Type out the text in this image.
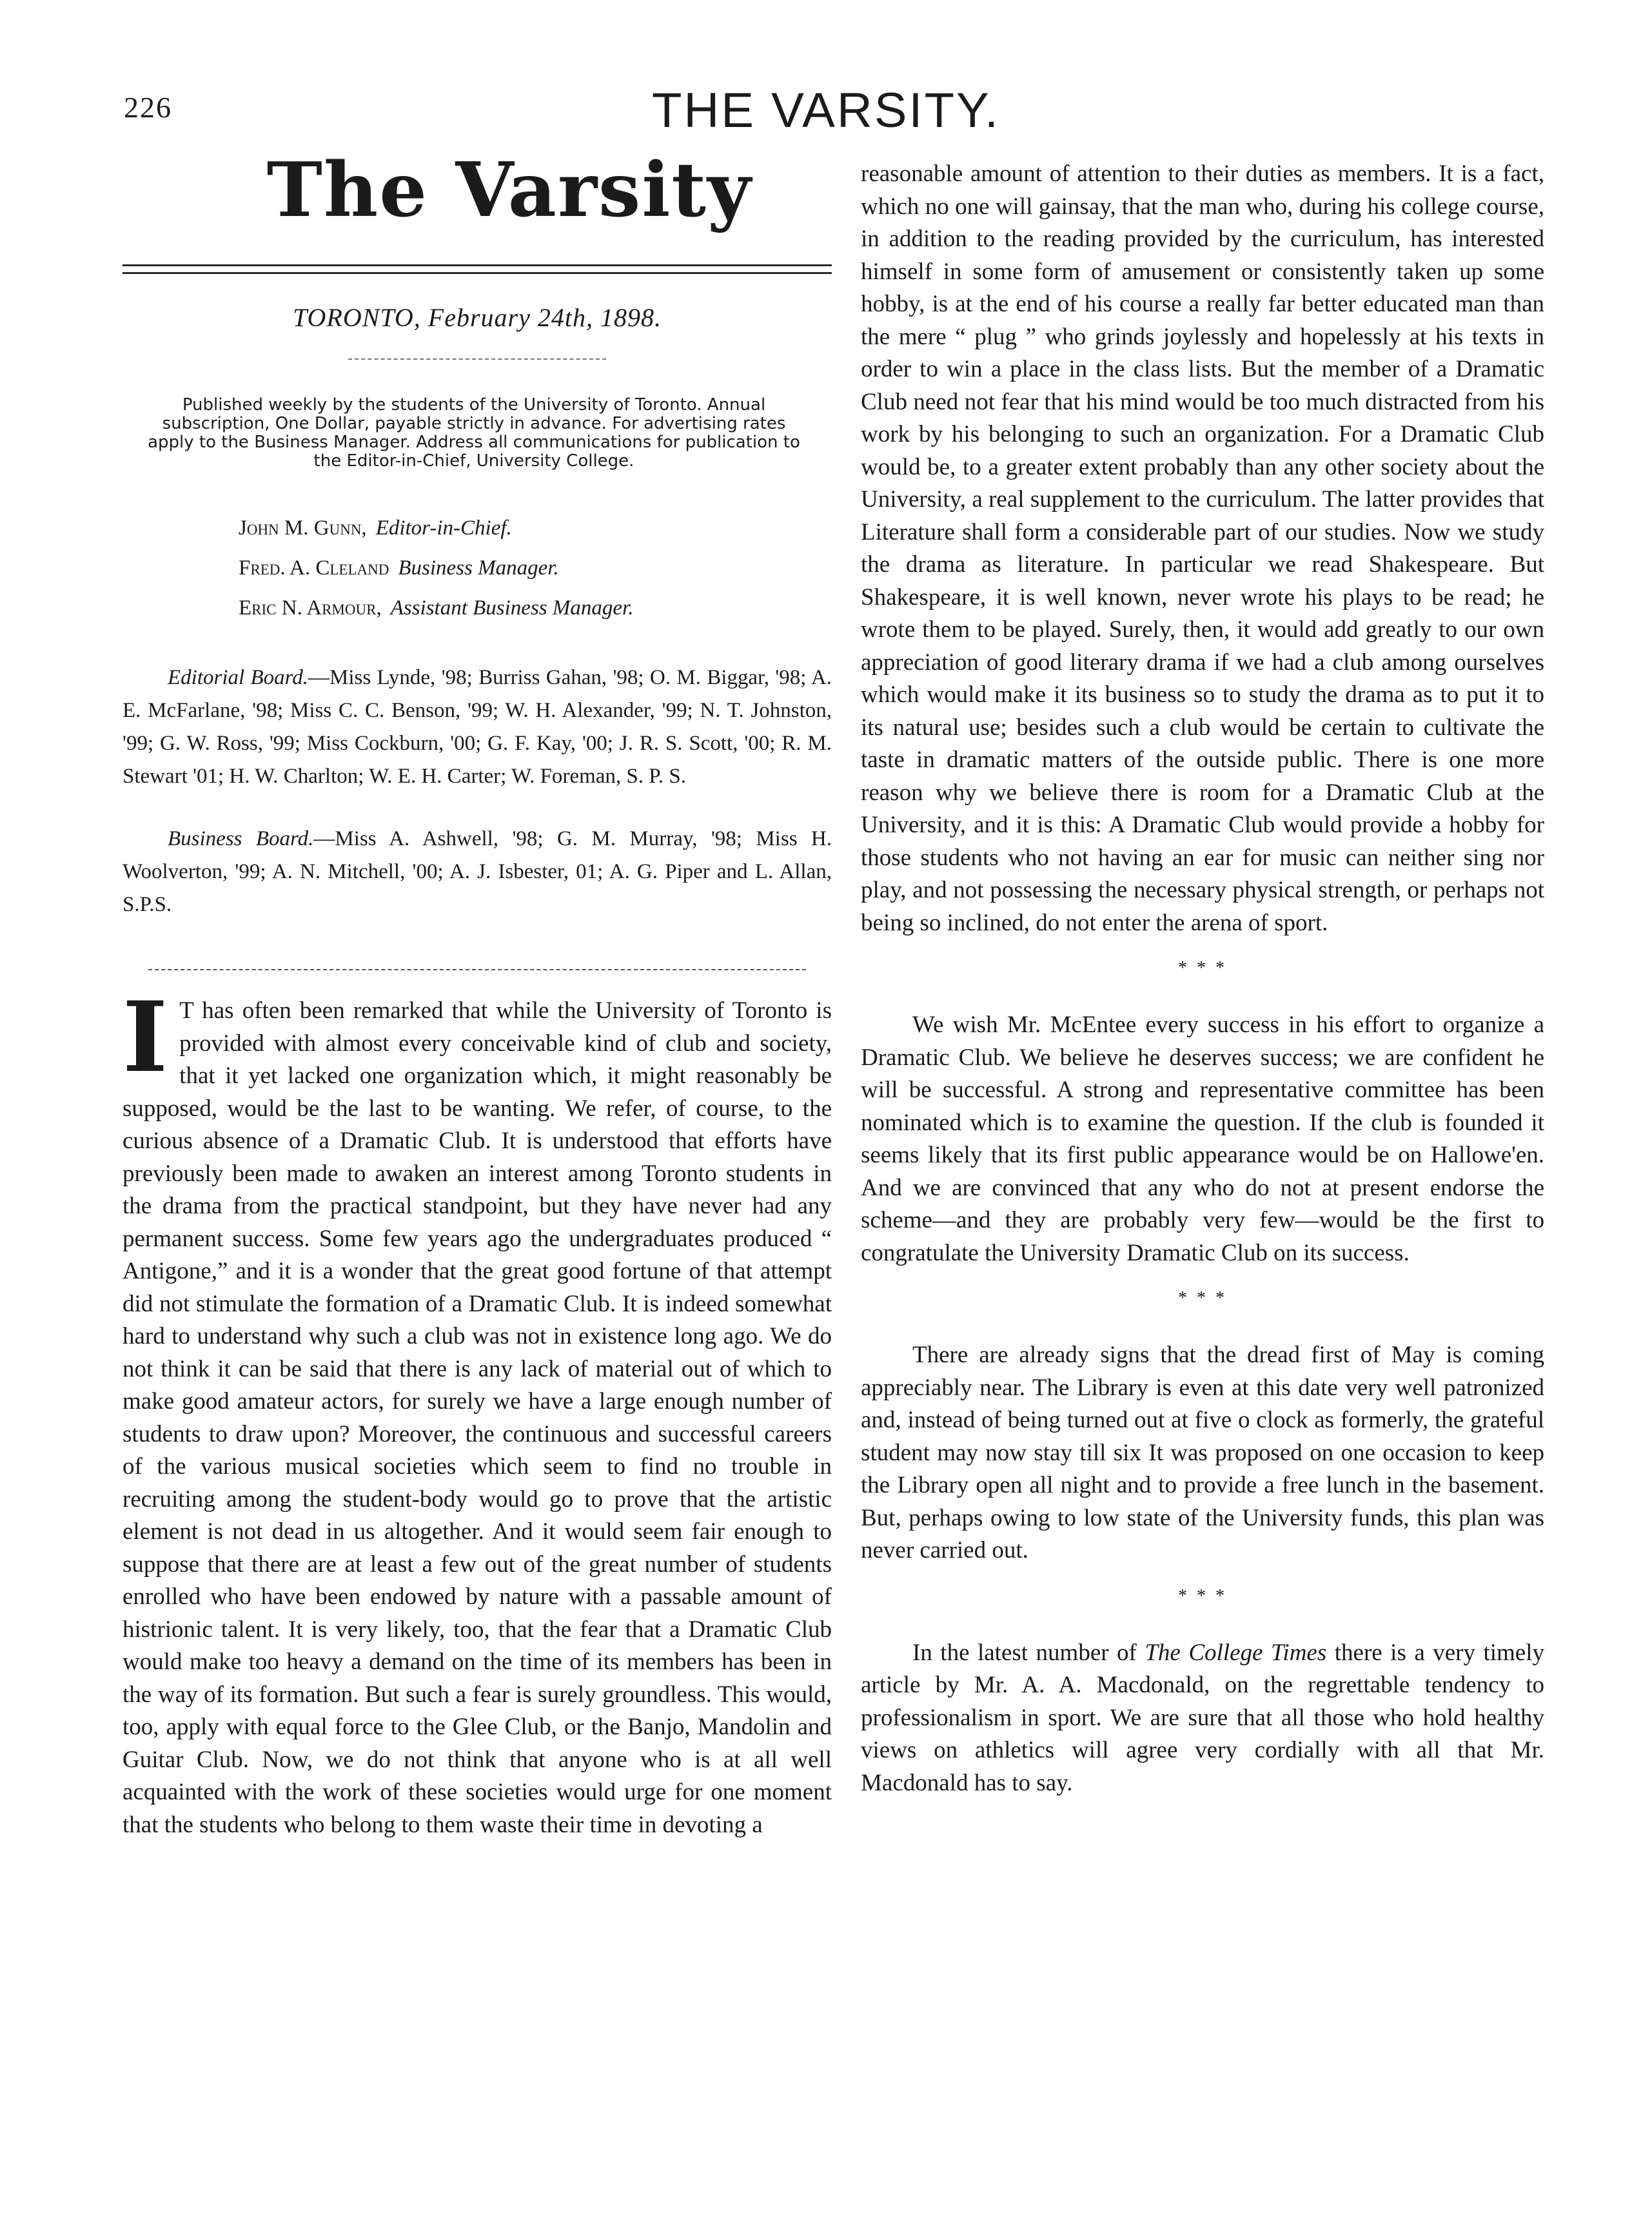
226	THE VARSITY.
The Varsity
TORONTO, February 24th, 1898.
Published weekly by the students of the University of Toronto. Annual subscription, One Dollar, payable strictly in advance. For advertising rates apply to the Business Manager. Address all communications for publication to the Editor-in-Chief, University College.
John M. Gunn, Editor-in-Chief.
Fred. A. Cleland Business Manager.
Eric N. Armour, Assistant Business Manager.
Editorial Board.—Miss Lynde, '98; Burriss Gahan, '98; O. M. Biggar, '98; A. E. McFarlane, '98; Miss C. C. Benson, '99; W. H. Alexander, '99; N. T. Johnston, '99; G. W. Ross, '99; Miss Cockburn, '00; G. F. Kay, '00; J. R. S. Scott, '00; R. M. Stewart '01; H. W. Charlton; W. E. H. Carter; W. Foreman, S. P. S.
Business Board.—Miss A. Ashwell, '98; G. M. Murray, '98; Miss H. Woolverton, '99; A. N. Mitchell, '00; A. J. Isbester, 01; A. G. Piper and L. Allan, S.P.S.
I T has often been remarked that while the University of Toronto is provided with almost every conceivable kind of club and society, that it yet lacked one organization which, it might reasonably be supposed, would be the last to be wanting. We refer, of course, to the curious absence of a Dramatic Club. It is understood that efforts have previously been made to awaken an interest among Toronto students in the drama from the practical standpoint, but they have never had any permanent success. Some few years ago the undergraduates produced “ Antigone,” and it is a wonder that the great good fortune of that attempt did not stimulate the formation of a Dramatic Club. It is indeed somewhat hard to understand why such a club was not in existence long ago. We do not think it can be said that there is any lack of material out of which to make good amateur actors, for surely we have a large enough number of students to draw upon? Moreover, the continuous and successful careers of the various musical societies which seem to find no trouble in recruiting among the student-body would go to prove that the artistic element is not dead in us altogether. And it would seem fair enough to suppose that there are at least a few out of the great number of students enrolled who have been endowed by nature with a passable amount of histrionic talent. It is very likely, too, that the fear that a Dramatic Club would make too heavy a demand on the time of its members has been in the way of its formation. But such a fear is surely groundless. This would, too, apply with equal force to the Glee Club, or the Banjo, Mandolin and Guitar Club. Now, we do not think that anyone who is at all well acquainted with the work of these societies would urge for one moment that the students who belong to them waste their time in devoting a

reasonable amount of attention to their duties as members. It is a fact, which no one will gainsay, that the man who, during his college course, in addition to the reading provided by the curriculum, has interested himself in some form of amusement or consistently taken up some hobby, is at the end of his course a really far better educated man than the mere “ plug ” who grinds joylessly and hopelessly at his texts in order to win a place in the class lists. But the member of a Dramatic Club need not fear that his mind would be too much distracted from his work by his belonging to such an organization. For a Dramatic Club would be, to a greater extent probably than any other society about the University, a real supplement to the curriculum. The latter provides that Literature shall form a considerable part of our studies. Now we study the drama as literature. In particular we read Shakespeare. But Shakespeare, it is well known, never wrote his plays to be read; he wrote them to be played. Surely, then, it would add greatly to our own appreciation of good literary drama if we had a club among ourselves which would make it its business so to study the drama as to put it to its natural use; besides such a club would be certain to cultivate the taste in dramatic matters of the outside public. There is one more reason why we believe there is room for a Dramatic Club at the University, and it is this: A Dramatic Club would provide a hobby for those students who not having an ear for music can neither sing nor play, and not possessing the necessary physical strength, or perhaps not being so inclined, do not enter the arena of sport.

* * *

We wish Mr. McEntee every success in his effort to organize a Dramatic Club. We believe he deserves success; we are confident he will be successful. A strong and representative committee has been nominated which is to examine the question. If the club is founded it seems likely that its first public appearance would be on Hallowe'en. And we are convinced that any who do not at present endorse the scheme—and they are probably very few—would be the first to congratulate the University Dramatic Club on its success.

* * *

There are already signs that the dread first of May is coming appreciably near. The Library is even at this date very well patronized and, instead of being turned out at five o clock as formerly, the grateful student may now stay till six It was proposed on one occasion to keep the Library open all night and to provide a free lunch in the basement. But, perhaps owing to low state of the University funds, this plan was never carried out.

* * *

In the latest number of The College Times there is a very timely article by Mr. A. A. Macdonald, on the regrettable tendency to professionalism in sport. We are sure that all those who hold healthy views on athletics will agree very cordially with all that Mr. Macdonald has to say.
